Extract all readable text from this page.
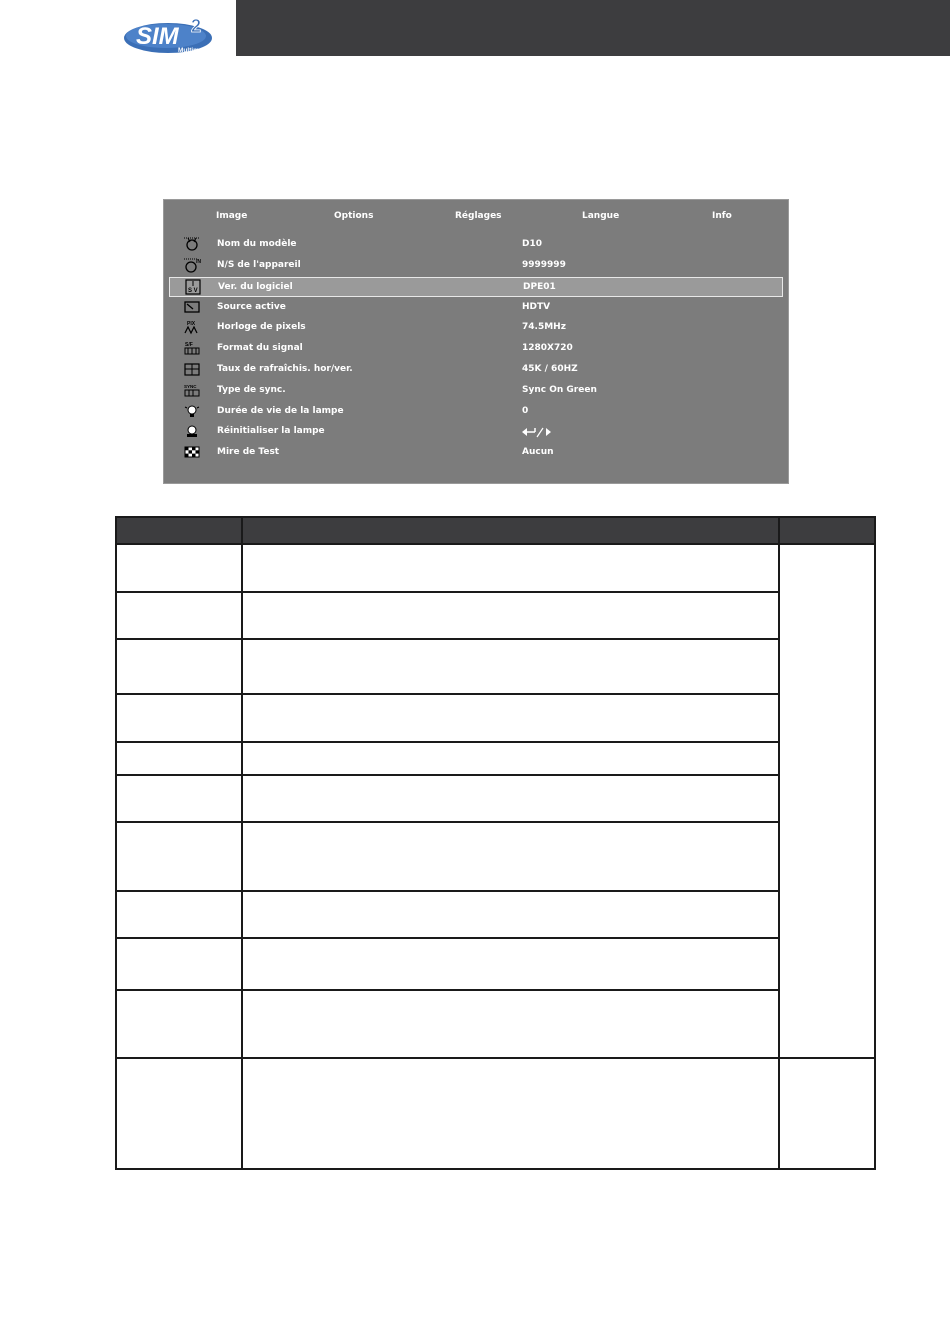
SIM 2
Multimedia
Image	Options	Réglages	Langue	Info
Nom du modèle	D10
/N N/S de l'appareil	9999999
S V Ver. du logiciel	DPE01
Source active	HDTV
PIX Horloge de pixels	74.5MHz
S/F	Format du signal	1280X720
Taux de rafraîchis. hor/ver.	45K / 60HZ
SYNC Type de sync.	Sync On Green
Durée de vie de la lampe	0
Réinitialiser la lampe
Mire de Test	Aucun
